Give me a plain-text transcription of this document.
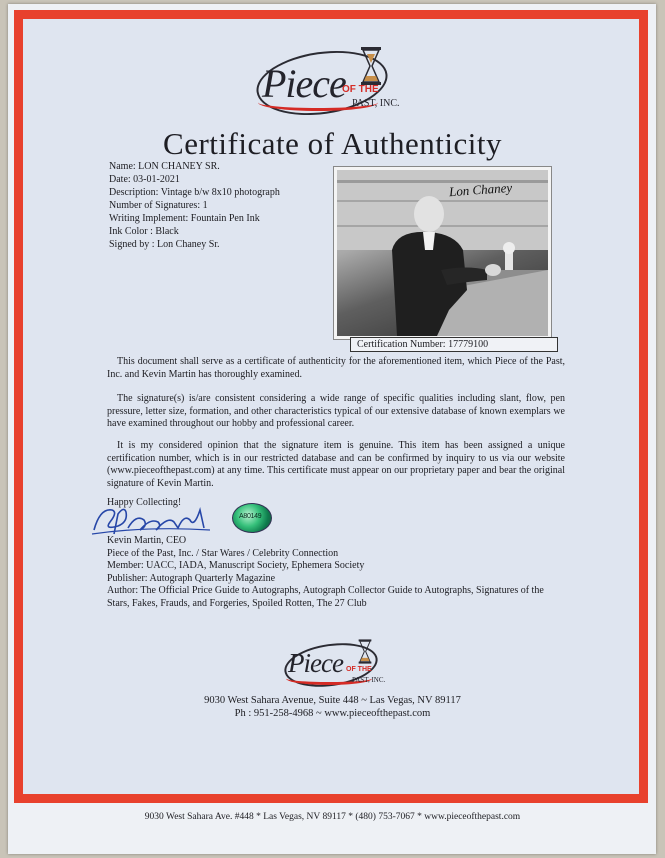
Piece
OF THE
PAST, INC.
Certificate of Authenticity
Name: LON CHANEY SR.
Date: 03-01-2021
Description: Vintage b/w 8x10 photograph
Number of Signatures: 1
Writing Implement: Fountain Pen Ink
Ink Color : Black
Signed by : Lon Chaney Sr.
Lon Chaney
Certification Number: 17779100
This document shall serve as a certificate of authenticity for the aforementioned item, which Piece of the Past, Inc. and Kevin Martin has thoroughly examined.
The signature(s) is/are consistent considering a wide range of specific qualities including slant, flow, pen pressure, letter size, formation, and other characteristics typical of our extensive database of known exemplars we have examined throughout our hobby and professional career.
It is my considered opinion that the signature item is genuine. This item has been assigned a unique certification number, which is in our restricted database and can be confirmed by inquiry to us via our website (www.pieceofthepast.com) at any time. This certificate must appear on our proprietary paper and bear the original signature of Kevin Martin.
Happy Collecting!
A80149
Kevin Martin, CEO
Piece of the Past, Inc. / Star Wares / Celebrity Connection
Member: UACC, IADA, Manuscript Society, Ephemera Society
Publisher: Autograph Quarterly Magazine
Author: The Official Price Guide to Autographs, Autograph Collector Guide to Autographs, Signatures of the Stars, Fakes, Frauds, and Forgeries, Spoiled Rotten, The 27 Club
Piece OF THE
PAST, INC.
9030 West Sahara Avenue, Suite 448 ~ Las Vegas, NV 89117
Ph : 951-258-4968 ~ www.pieceofthepast.com
9030 West Sahara Ave. #448 * Las Vegas, NV 89117 * (480) 753-7067 * www.pieceofthepast.com
